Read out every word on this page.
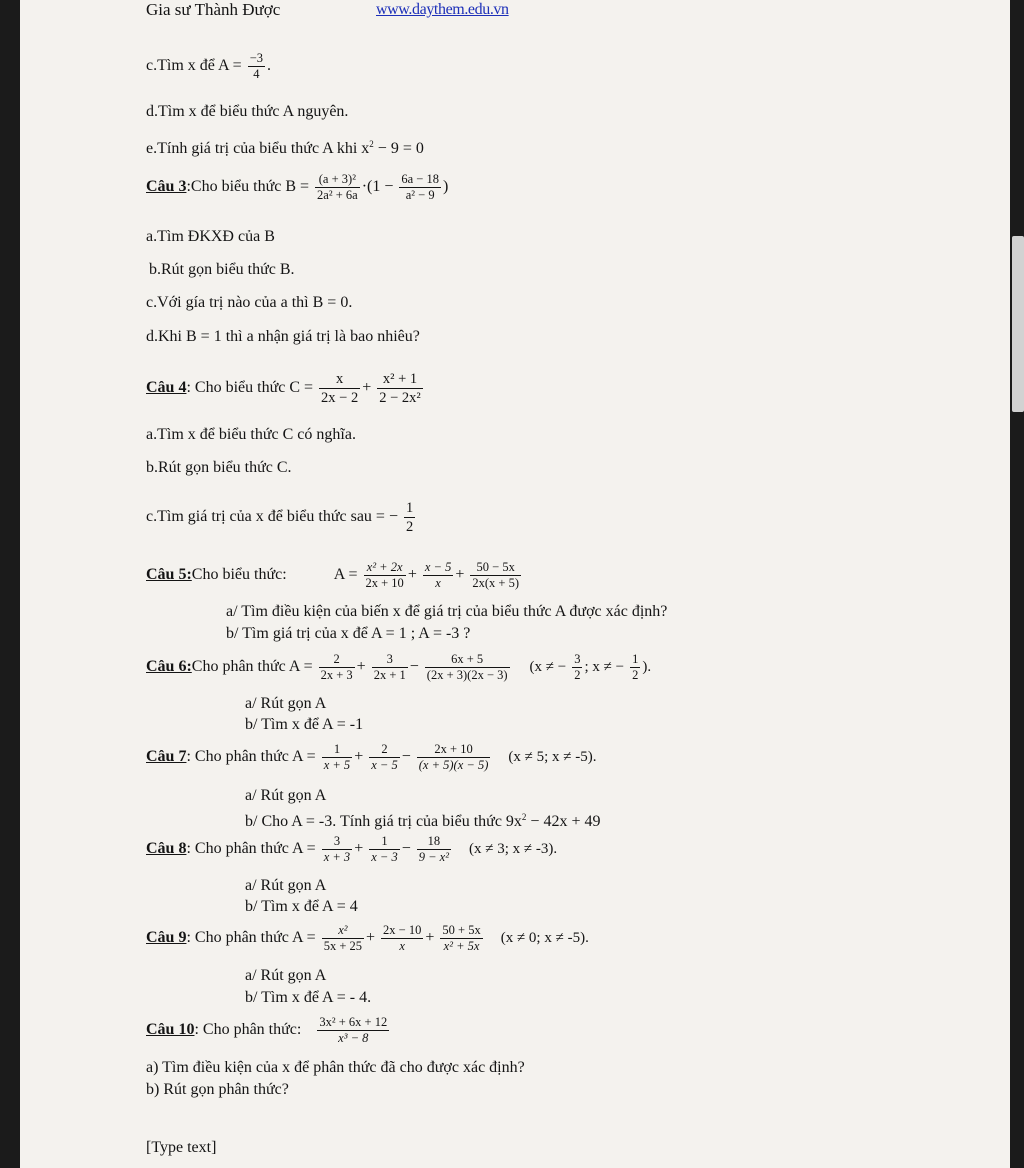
Gia sư Thành Được	www.daythem.edu.vn
c.Tìm x để $A = \frac{-3}{4}$ .
d.Tìm x để biểu thức A nguyên.
e.Tính giá trị của biểu thức A khi $x^2 - 9 = 0$
Câu 3:Cho biểu thức $B = \frac{\text{(a + 3)²}}{\text{2a² + 6a}} \cdot(1 - \frac{6a - 18}{\text{a² − 9}}$ )
a.Tìm ĐKXĐ của B
b.Rút gọn biểu thức B.
c.Với gía trị nào của a thì B = 0.
d.Khi B = 1 thì a nhận giá trị là bao nhiêu?
Câu 4: Cho biểu thức $C = \frac{x}{2x - 2} + \frac{\text{x² + 1}}{\text{2 − 2x²}}$
a.Tìm x để biểu thức C có nghĩa.
b.Rút gọn biểu thức C.
c.Tìm giá trị của x để biểu thức sau = − $\frac{1}{2}$
Câu 5:Cho biểu thức:	$A = \frac{\text{x² + 2x}}{2x + 10} + \frac{x - 5}{x} + \frac{50 - 5x}{2x(x + 5)}$
a/ Tìm điều kiện của biến x để giá trị của biểu thức A được xác định?
b/ Tìm giá trị của x để A = 1 ; A = -3 ?
Câu 6:Cho phân thức $A = \frac{2}{2x + 3} + \frac{3}{2x + 1} - \frac{6x + 5}{(2x + 3)(2x - 3)} (x$ ≠ − $\frac{3}{2}$ ; x ≠ − $\frac{1}{2}$ ).
a/ Rút gọn A
b/ Tìm x để A = -1
Câu 7: Cho phân thức $A = \frac{1}{x + 5} + \frac{2}{x - 5} - \frac{2x + 10}{(x + 5)(x - 5)} (x \ne 5$; x ≠ -5).
a/ Rút gọn A
b/ Cho A = -3. Tính giá trị của biểu thức $9x^2 - 42x + 49$
Câu 8: Cho phân thức $A = \frac{3}{x + 3} + \frac{1}{x - 3} - \frac{18}{\text{9 − x²}} (x \ne 3$; x ≠ -3).
a/ Rút gọn A
b/ Tìm x để A = 4
Câu 9: Cho phân thức $A = \frac{\text{x²}}{5x + 25} + \frac{2x - 10}{x} + \frac{50 + 5x}{\text{x² + 5x}} (x \ne 0$; x ≠ -5).
a/ Rút gọn A
b/ Tìm x để A = - 4.
Câu 10: Cho phân thức: $\frac{\text{3x² + 6x + 12}}{\text{x³ − 8}}$
a) Tìm điều kiện của x để phân thức đã cho được xác định?
b) Rút gọn phân thức?
[Type text]
